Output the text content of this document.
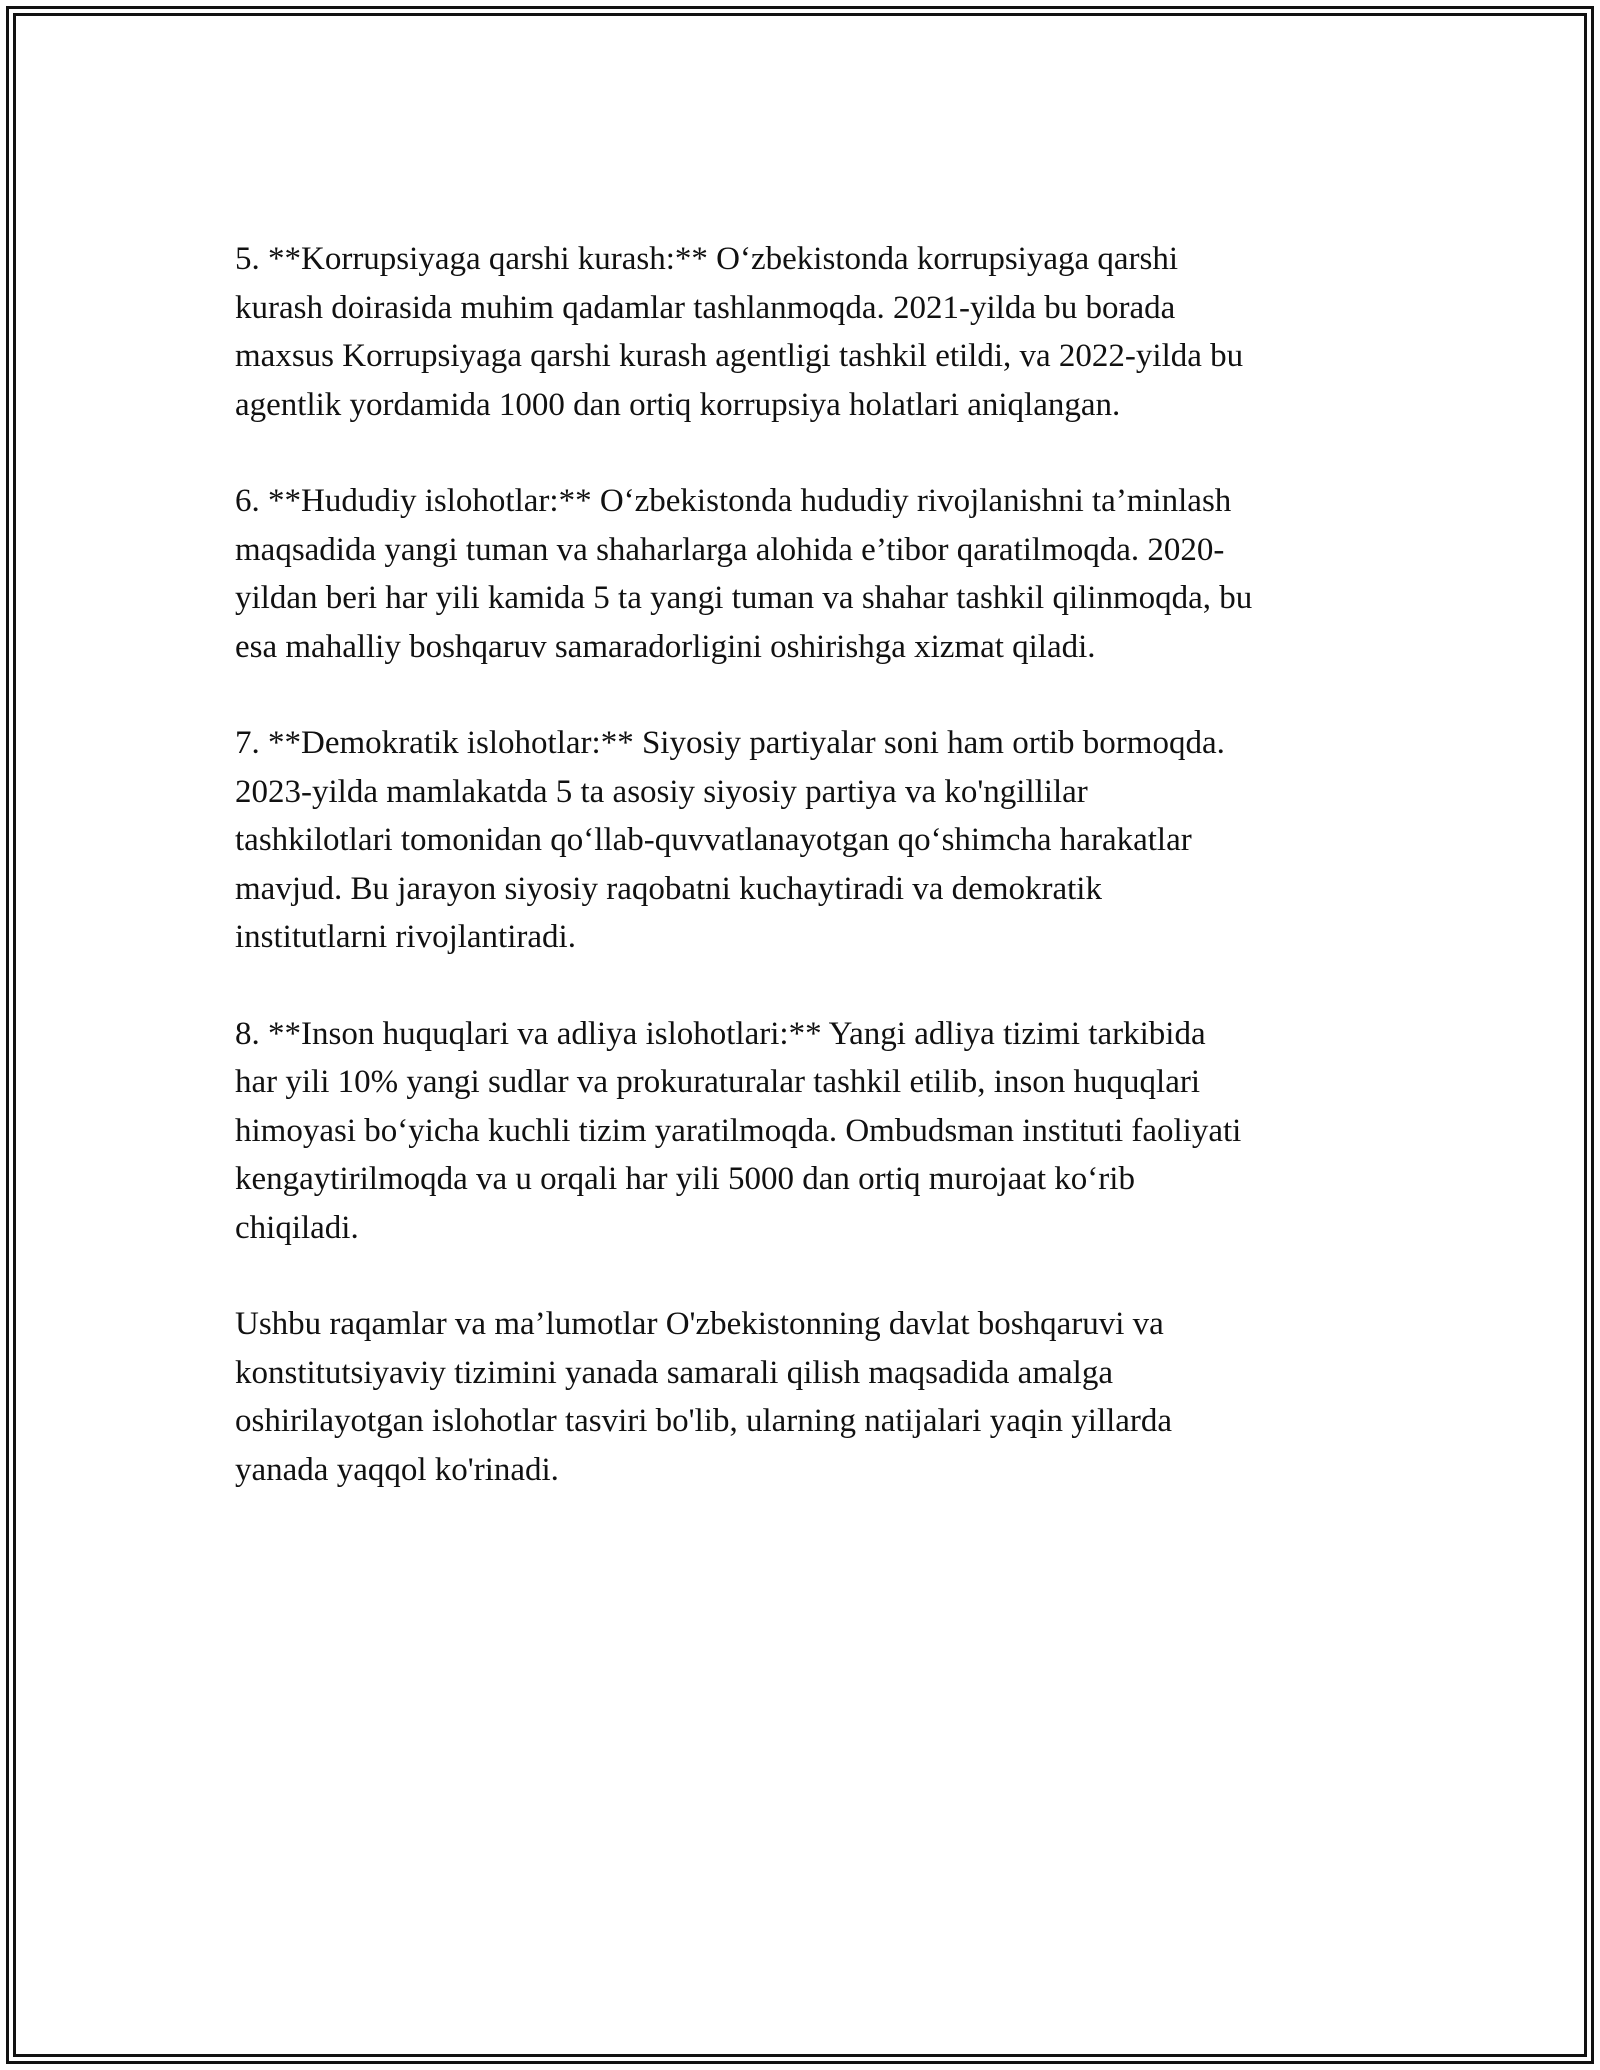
5. **Korrupsiyaga qarshi kurash:** O‘zbekistonda korrupsiyaga qarshi
kurash doirasida muhim qadamlar tashlanmoqda. 2021-yilda bu borada
maxsus Korrupsiyaga qarshi kurash agentligi tashkil etildi, va 2022-yilda bu
agentlik yordamida 1000 dan ortiq korrupsiya holatlari aniqlangan.

6. **Hududiy islohotlar:** O‘zbekistonda hududiy rivojlanishni ta’minlash
maqsadida yangi tuman va shaharlarga alohida e’tibor qaratilmoqda. 2020-
yildan beri har yili kamida 5 ta yangi tuman va shahar tashkil qilinmoqda, bu
esa mahalliy boshqaruv samaradorligini oshirishga xizmat qiladi.

7. **Demokratik islohotlar:** Siyosiy partiyalar soni ham ortib bormoqda.
2023-yilda mamlakatda 5 ta asosiy siyosiy partiya va ko'ngillilar
tashkilotlari tomonidan qo‘llab-quvvatlanayotgan qo‘shimcha harakatlar
mavjud. Bu jarayon siyosiy raqobatni kuchaytiradi va demokratik
institutlarni rivojlantiradi.

8. **Inson huquqlari va adliya islohotlari:** Yangi adliya tizimi tarkibida
har yili 10% yangi sudlar va prokuraturalar tashkil etilib, inson huquqlari
himoyasi bo‘yicha kuchli tizim yaratilmoqda. Ombudsman instituti faoliyati
kengaytirilmoqda va u orqali har yili 5000 dan ortiq murojaat ko‘rib
chiqiladi.

Ushbu raqamlar va ma’lumotlar O'zbekistonning davlat boshqaruvi va
konstitutsiyaviy tizimini yanada samarali qilish maqsadida amalga
oshirilayotgan islohotlar tasviri bo'lib, ularning natijalari yaqin yillarda
yanada yaqqol ko'rinadi.
